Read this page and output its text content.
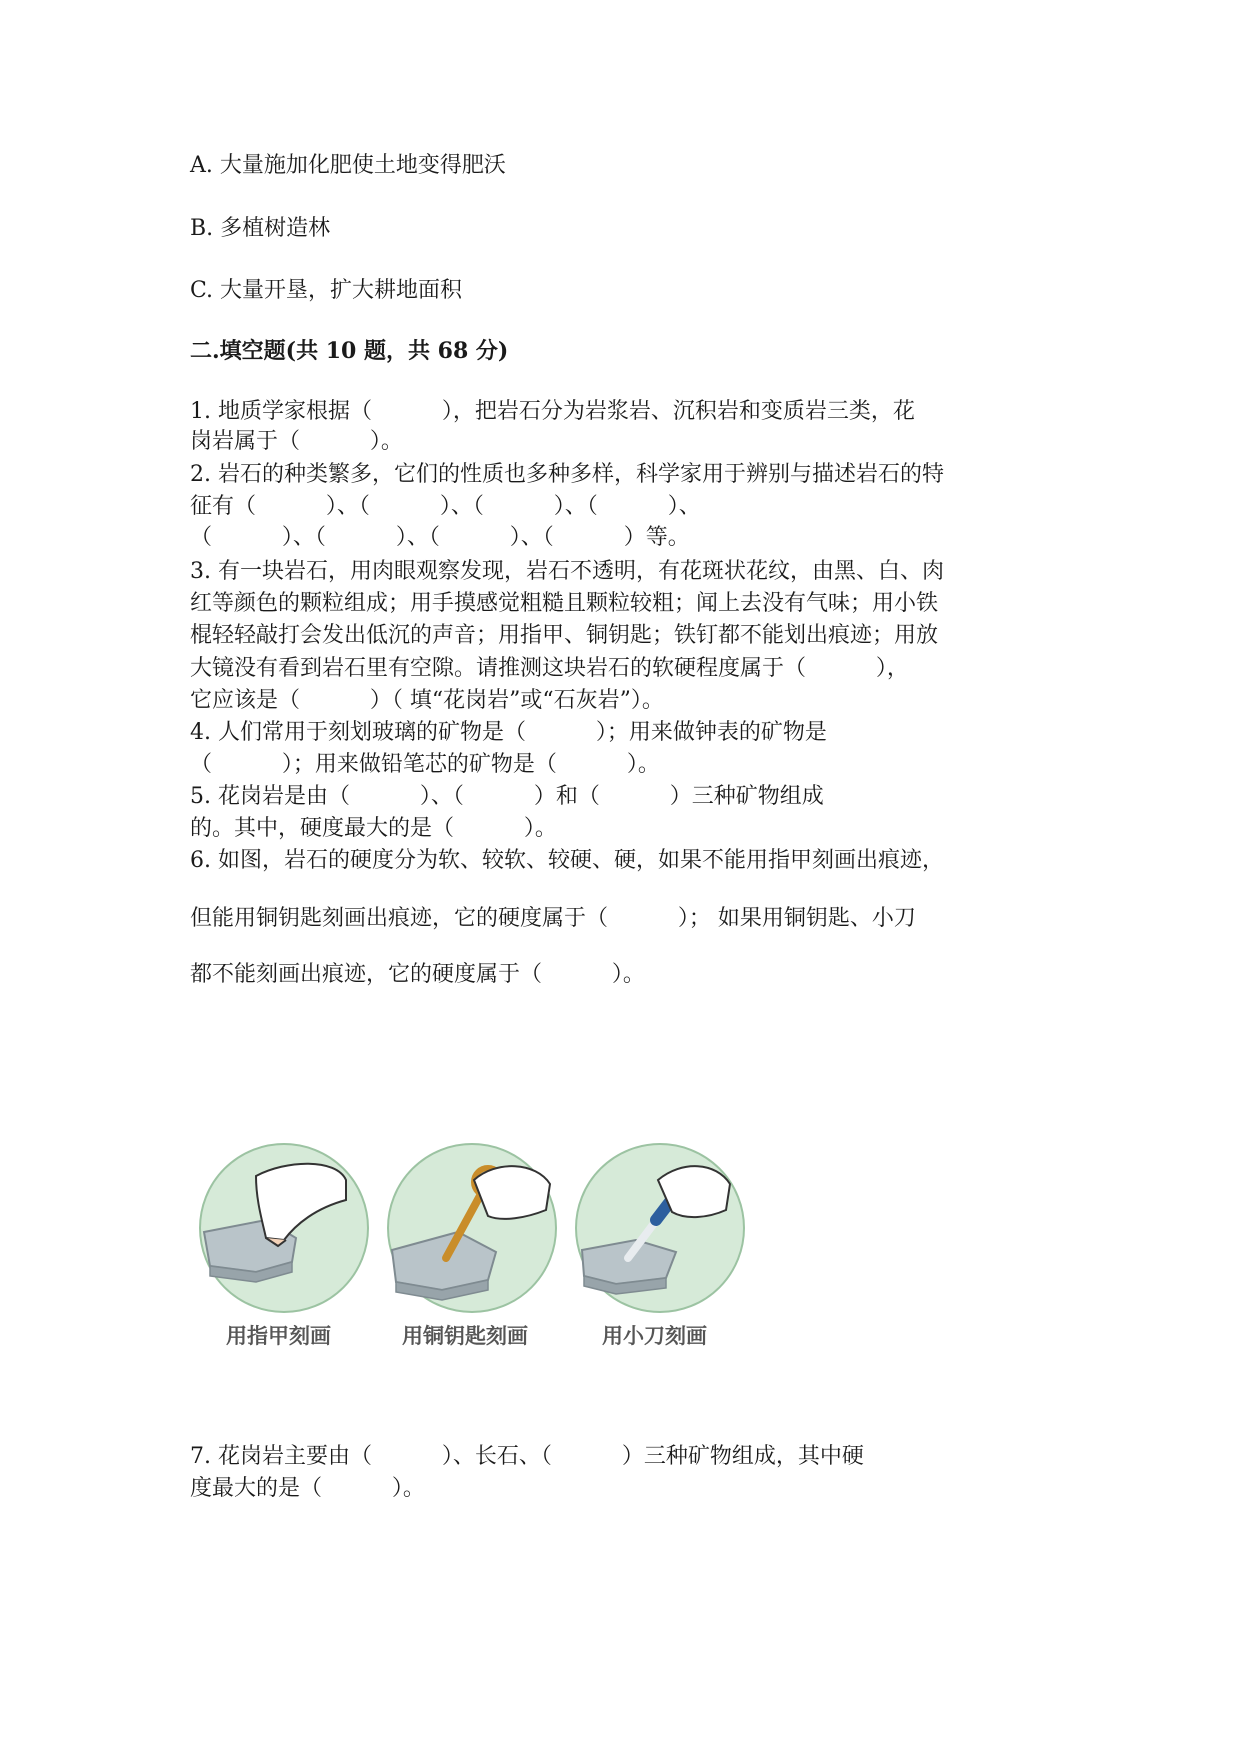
A. 大量施加化肥使土地变得肥沃
B. 多植树造林
C. 大量开垦，扩大耕地面积
二.填空题(共 10 题，共 68 分)
1. 地质学家根据（          ），把岩石分为岩浆岩、沉积岩和变质岩三类，花
岗岩属于（          ）。
2. 岩石的种类繁多，它们的性质也多种多样，科学家用于辨别与描述岩石的特
征有（          ）、（          ）、（          ）、（          ）、
（          ）、（          ）、（          ）、（          ）等。
3. 有一块岩石，用肉眼观察发现，岩石不透明，有花斑状花纹，由黑、白、肉
红等颜色的颗粒组成；用手摸感觉粗糙且颗粒较粗；闻上去没有气味；用小铁
棍轻轻敲打会发出低沉的声音；用指甲、铜钥匙；铁钉都不能划出痕迹；用放
大镜没有看到岩石里有空隙。请推测这块岩石的软硬程度属于（          ），
它应该是（          ）（ 填“花岗岩”或“石灰岩”）。
4. 人们常用于刻划玻璃的矿物是（          ）；用来做钟表的矿物是
（          ）；用来做铅笔芯的矿物是（          ）。
5. 花岗岩是由（          ）、（          ）和（          ）三种矿物组成
的。其中，硬度最大的是（          ）。
6. 如图，岩石的硬度分为软、较软、较硬、硬，如果不能用指甲刻画出痕迹，
但能用铜钥匙刻画出痕迹，它的硬度属于（          ）； 如果用铜钥匙、小刀
都不能刻画出痕迹，它的硬度属于（          ）。
用指甲刻画	用铜钥匙刻画	用小刀刻画
7. 花岗岩主要由（          ）、长石、（          ）三种矿物组成，其中硬
度最大的是（          ）。
